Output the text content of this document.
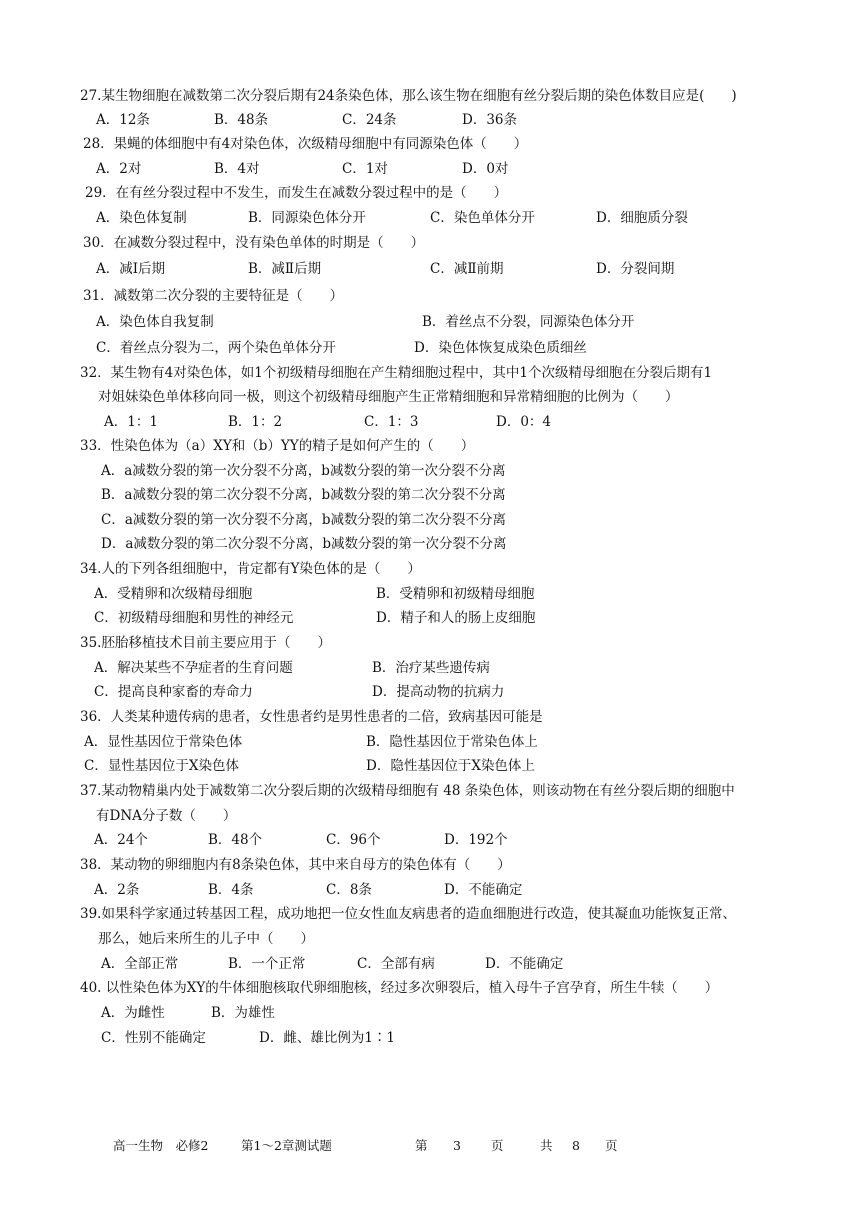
27.某生物细胞在减数第二次分裂后期有24条染色体，那么该生物在细胞有丝分裂后期的染色体数目应是(　　)
A．12条	B．48条	C．24条	D．36条
28．果蝇的体细胞中有4对染色体，次级精母细胞中有同源染色体（　　）
A．2对	B．4对	C．1对	D．0对
29．在有丝分裂过程中不发生，而发生在减数分裂过程中的是（　　）
A．染色体复制	B．同源染色体分开	C．染色单体分开	D．细胞质分裂
30．在减数分裂过程中，没有染色单体的时期是（　　）
A．减Ⅰ后期	B．减Ⅱ后期	C．减Ⅱ前期	D．分裂间期
31．减数第二次分裂的主要特征是（　　）
A．染色体自我复制	B．着丝点不分裂，同源染色体分开
C．着丝点分裂为二，两个染色单体分开	D．染色体恢复成染色质细丝
32．某生物有4对染色体，如1个初级精母细胞在产生精细胞过程中，其中1个次级精母细胞在分裂后期有1
对姐妹染色单体移向同一极，则这个初级精母细胞产生正常精细胞和异常精细胞的比例为（　　）
A．1：1	B．1：2	C．1：3	D．0：4
33．性染色体为（a）XY和（b）YY的精子是如何产生的（　　）
A．a减数分裂的第一次分裂不分离，b减数分裂的第一次分裂不分离
B．a减数分裂的第二次分裂不分离，b减数分裂的第二次分裂不分离
C．a减数分裂的第一次分裂不分离，b减数分裂的第二次分裂不分离
D．a减数分裂的第二次分裂不分离，b减数分裂的第一次分裂不分离
34.人的下列各组细胞中，肯定都有Y染色体的是（　　）
A．受精卵和次级精母细胞	B．受精卵和初级精母细胞
C．初级精母细胞和男性的神经元	D．精子和人的肠上皮细胞
35.胚胎移植技术目前主要应用于（　　）
A．解决某些不孕症者的生育问题	B．治疗某些遗传病
C．提高良种家畜的寿命力	D．提高动物的抗病力
36．人类某种遗传病的患者，女性患者约是男性患者的二倍，致病基因可能是
A．显性基因位于常染色体	B．隐性基因位于常染色体上
C．显性基因位于X染色体	D．隐性基因位于X染色体上
37.某动物精巢内处于减数第二次分裂后期的次级精母细胞有 48 条染色体，则该动物在有丝分裂后期的细胞中
有DNA分子数（　　）
A．24个	B．48个	C．96个	D．192个
38．某动物的卵细胞内有8条染色体，其中来自母方的染色体有（　　）
A．2条	B．4条	C．8条	D．不能确定
39.如果科学家通过转基因工程，成功地把一位女性血友病患者的造血细胞进行改造，使其凝血功能恢复正常、
那么，她后来所生的儿子中（　　）
A．全部正常	B．一个正常	C．全部有病	D．不能确定
40. 以性染色体为XY的牛体细胞核取代卵细胞核，经过多次卵裂后，植入母牛子宫孕育，所生牛犊（　　）
A．为雌性	B．为雄性
C．性别不能确定	D．雌、雄比例为1∶1
高一生物　必修2	第1～2章测试题	第 3 页	共 8 页
